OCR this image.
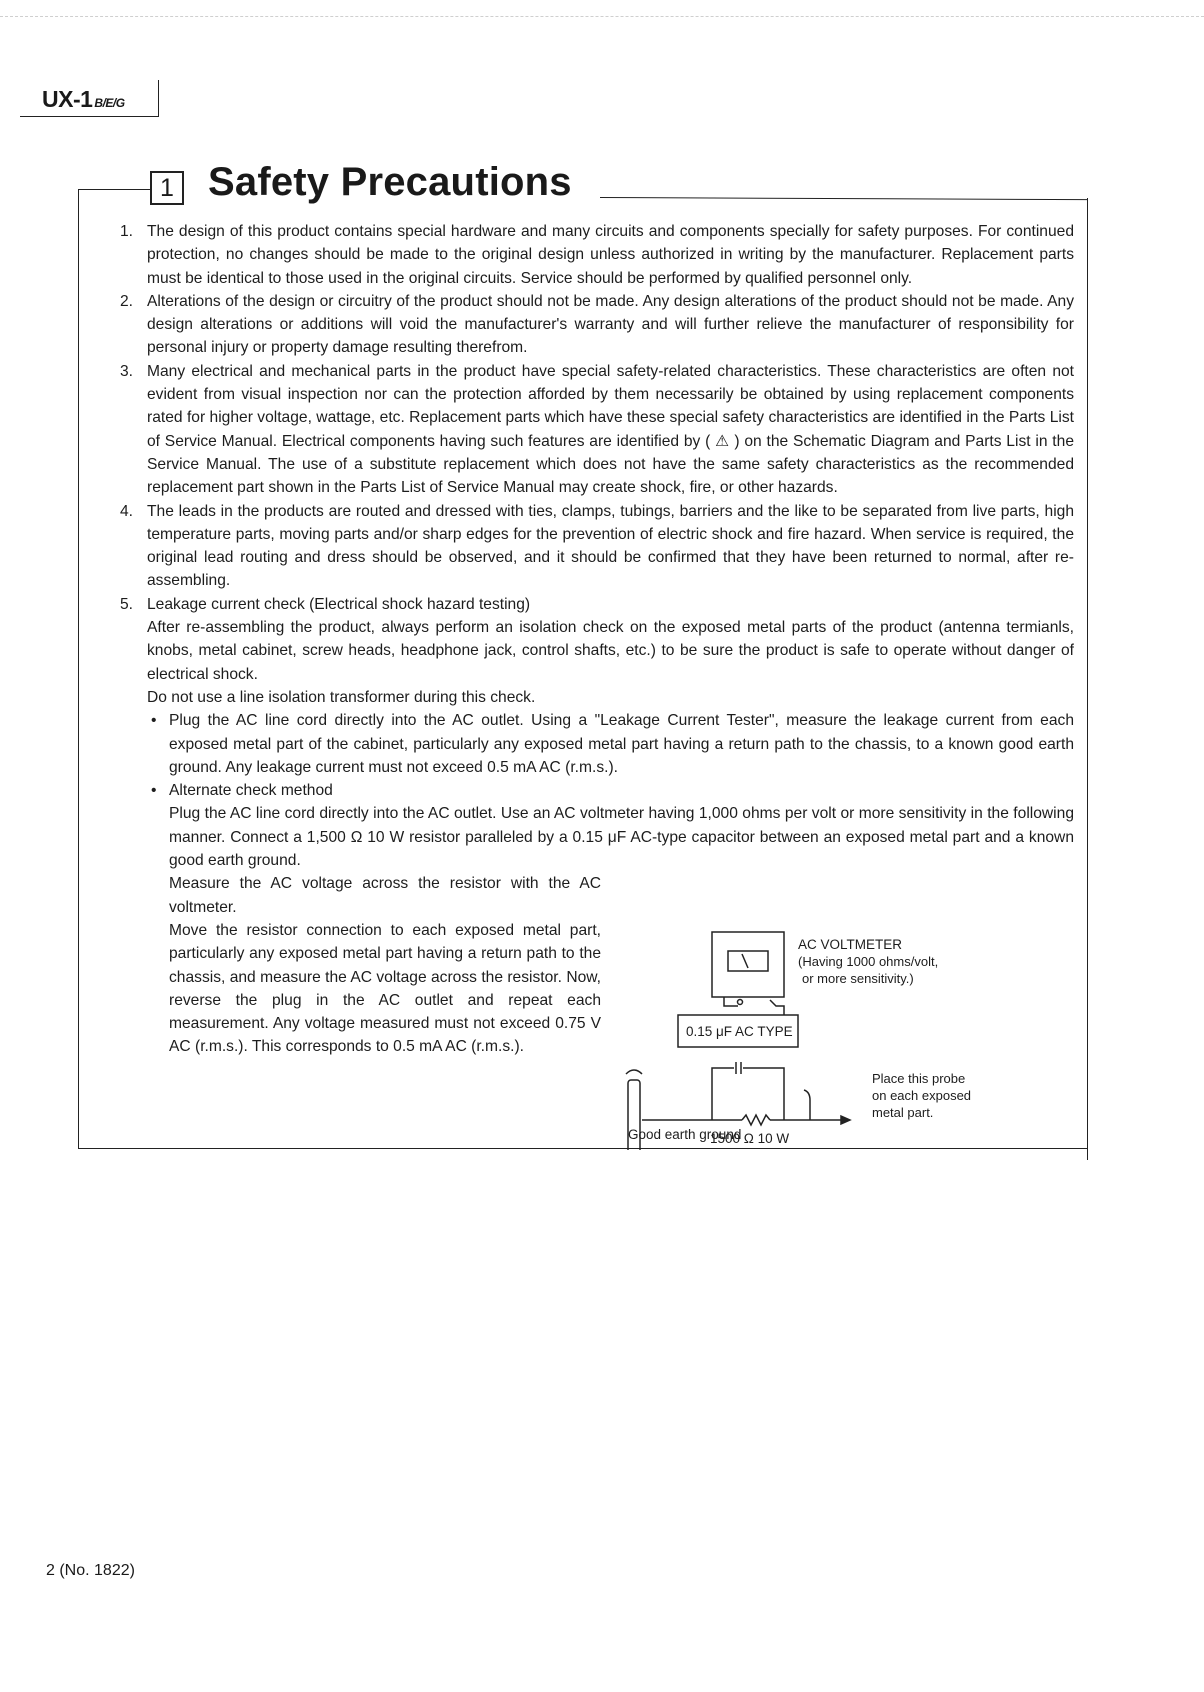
UX-1 B/E/G
1 Safety Precautions
1. The design of this product contains special hardware and many circuits and components specially for safety purposes. For continued protection, no changes should be made to the original design unless authorized in writing by the manufacturer. Replacement parts must be identical to those used in the original circuits. Service should be performed by qualified personnel only.
2. Alterations of the design or circuitry of the product should not be made. Any design alterations of the product should not be made. Any design alterations or additions will void the manufacturer's warranty and will further relieve the manufacturer of responsibility for personal injury or property damage resulting therefrom.
3. Many electrical and mechanical parts in the product have special safety-related characteristics. These characteristics are often not evident from visual inspection nor can the protection afforded by them necessarily be obtained by using replacement components rated for higher voltage, wattage, etc. Replacement parts which have these special safety characteristics are identified in the Parts List of Service Manual. Electrical components having such features are identified by ( ⚠ ) on the Schematic Diagram and Parts List in the Service Manual. The use of a substitute replacement which does not have the same safety characteristics as the recommended replacement part shown in the Parts List of Service Manual may create shock, fire, or other hazards.
4. The leads in the products are routed and dressed with ties, clamps, tubings, barriers and the like to be separated from live parts, high temperature parts, moving parts and/or sharp edges for the prevention of electric shock and fire hazard. When service is required, the original lead routing and dress should be observed, and it should be confirmed that they have been returned to normal, after re-assembling.
5. Leakage current check (Electrical shock hazard testing)
After re-assembling the product, always perform an isolation check on the exposed metal parts of the product (antenna termianls, knobs, metal cabinet, screw heads, headphone jack, control shafts, etc.) to be sure the product is safe to operate without danger of electrical shock.
Do not use a line isolation transformer during this check.
• Plug the AC line cord directly into the AC outlet. Using a "Leakage Current Tester", measure the leakage current from each exposed metal part of the cabinet, particularly any exposed metal part having a return path to the chassis, to a known good earth ground. Any leakage current must not exceed 0.5 mA AC (r.m.s.).
• Alternate check method
Plug the AC line cord directly into the AC outlet. Use an AC voltmeter having 1,000 ohms per volt or more sensitivity in the following manner. Connect a 1,500 Ω 10 W resistor paralleled by a 0.15 μF AC-type capacitor between an exposed metal part and a known good earth ground.

Measure the AC voltage across the resistor with the AC voltmeter.

Move the resistor connection to each exposed metal part, particularly any exposed metal part having a return path to the chassis, and measure the AC voltage across the resistor. Now, reverse the plug in the AC outlet and repeat each measurement. Any voltage measured must not exceed 0.75 V AC (r.m.s.). This corresponds to 0.5 mA AC (r.m.s.).

AC VOLTMETER
(Having 1000 ohms/volt,
or more sensitivity.)
0.15 μF AC TYPE
1500 Ω 10 W
Place this probe
on each exposed
metal part.
Good earth ground
2 (No. 1822)
